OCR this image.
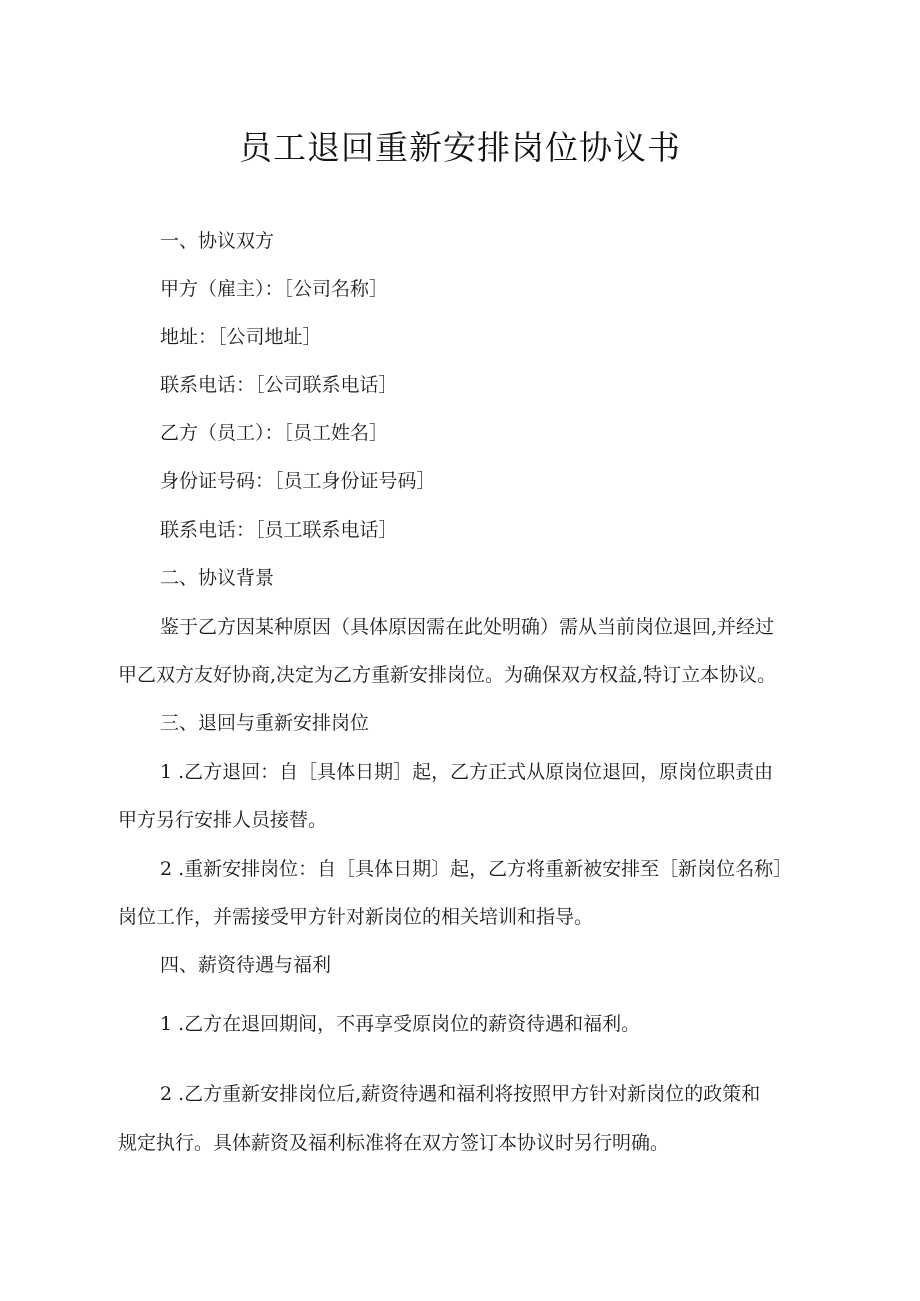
员工退回重新安排岗位协议书

一、协议双方

甲方（雇主）：［公司名称］

地址：［公司地址］

联系电话：［公司联系电话］

乙方（员工）：［员工姓名］

身份证号码：［员工身份证号码］

联系电话：［员工联系电话］

二、协议背景

鉴于乙方因某种原因（具体原因需在此处明确）需从当前岗位退回,并经过

甲乙双方友好协商,决定为乙方重新安排岗位。为确保双方权益,特订立本协议。

三、退回与重新安排岗位

1 .乙方退回：自［具体日期］起，乙方正式从原岗位退回，原岗位职责由

甲方另行安排人员接替。

2 .重新安排岗位：自［具体日期〕起，乙方将重新被安排至［新岗位名称］

岗位工作，并需接受甲方针对新岗位的相关培训和指导。

四、薪资待遇与福利

1 .乙方在退回期间，不再享受原岗位的薪资待遇和福利。

2 .乙方重新安排岗位后,薪资待遇和福利将按照甲方针对新岗位的政策和

规定执行。具体薪资及福利标准将在双方签订本协议时另行明确。
